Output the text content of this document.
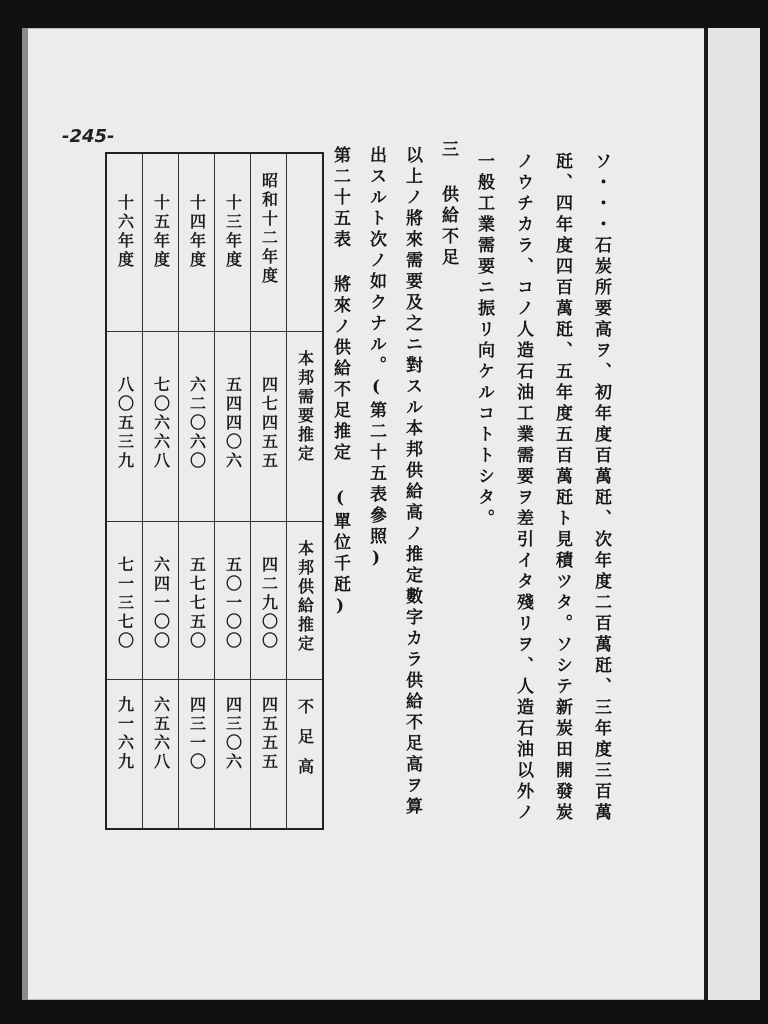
-245-
ソ・・・石炭所要高ヲ、初年度百萬瓩、次年度二百萬瓩、三年度三百萬
瓩、四年度四百萬瓩、五年度五百萬瓩ト見積ツタ。ソシテ新炭田開發炭
ノウチカラ、コノ人造石油工業需要ヲ差引イタ殘リヲ、人造石油以外ノ
一般工業需要ニ振リ向ケルコトトシタ。
三 供給不足
以上ノ將來需要及之ニ對スル本邦供給高ノ推定數字カラ供給不足高ヲ算
出スルト次ノ如クナル。(第二十五表參照)
第二十五表 將來ノ供給不足推定 (單位千瓩)
十六年度	十五年度	十四年度	十三年度	昭和十二年度	

八〇五三九	七〇六六八	六二〇六〇	五四四〇六	四七四五五	本邦需要推定

七一三七〇	六四一〇〇	五七七五〇	五〇一〇〇	四二九〇〇	本邦供給推定

九一六九	六五六八	四三一〇	四三〇六	四五五五	不足高
